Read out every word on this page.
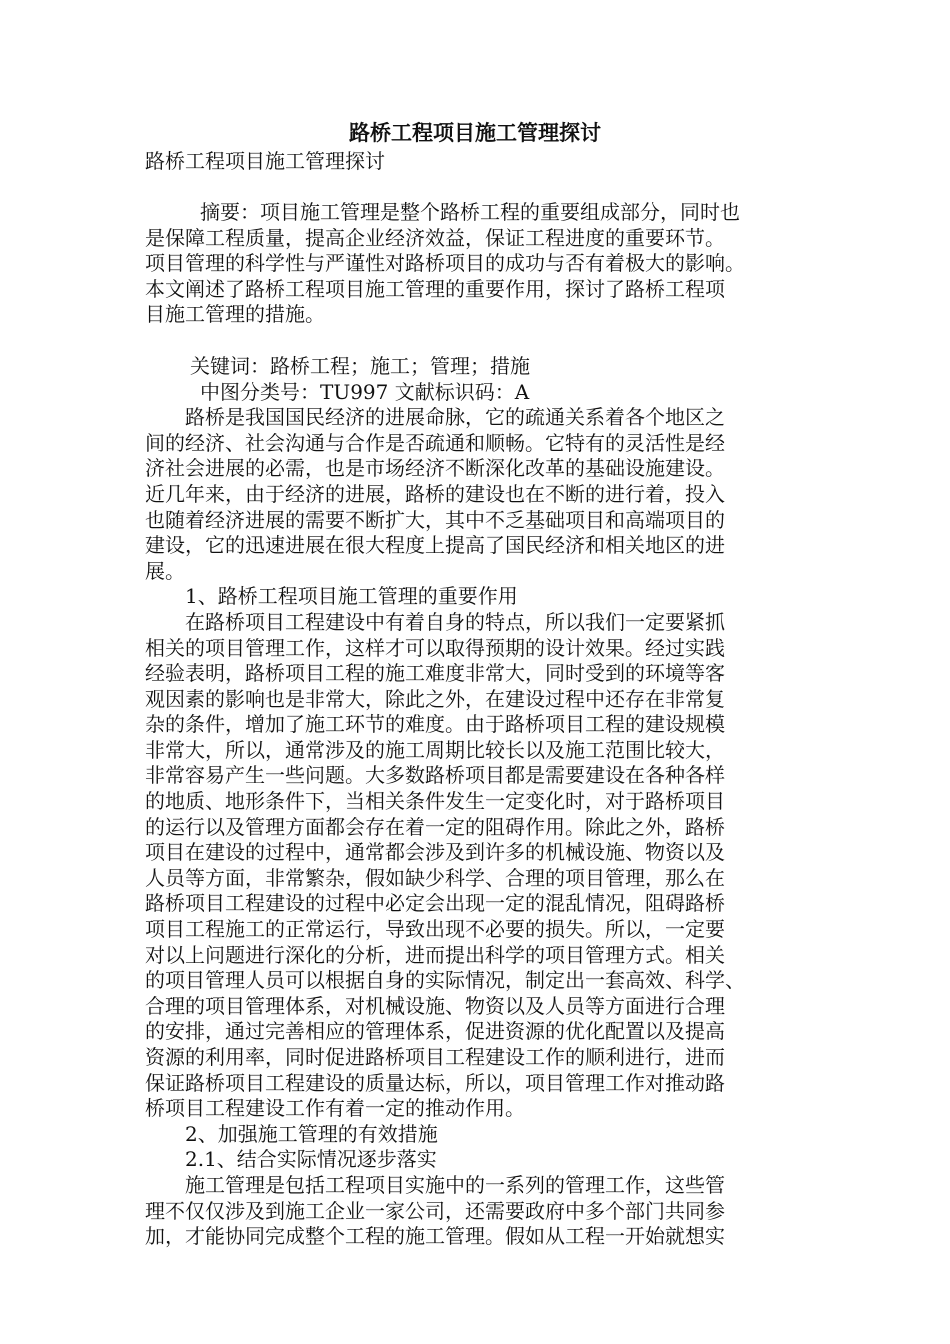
路桥工程项目施工管理探讨

路桥工程项目施工管理探讨

摘要：项目施工管理是整个路桥工程的重要组成部分，同时也

是保障工程质量，提高企业经济效益，保证工程进度的重要环节。

项目管理的科学性与严谨性对路桥项目的成功与否有着极大的影响。

本文阐述了路桥工程项目施工管理的重要作用，探讨了路桥工程项

目施工管理的措施。

关键词：路桥工程；施工；管理；措施

中图分类号：TU997 文献标识码：A

路桥是我国国民经济的进展命脉，它的疏通关系着各个地区之

间的经济、社会沟通与合作是否疏通和顺畅。它特有的灵活性是经

济社会进展的必需，也是市场经济不断深化改革的基础设施建设。

近几年来，由于经济的进展，路桥的建设也在不断的进行着，投入

也随着经济进展的需要不断扩大，其中不乏基础项目和高端项目的

建设，它的迅速进展在很大程度上提高了国民经济和相关地区的进

展。

1、路桥工程项目施工管理的重要作用

在路桥项目工程建设中有着自身的特点，所以我们一定要紧抓

相关的项目管理工作，这样才可以取得预期的设计效果。经过实践

经验表明，路桥项目工程的施工难度非常大，同时受到的环境等客

观因素的影响也是非常大，除此之外，在建设过程中还存在非常复

杂的条件，增加了施工环节的难度。由于路桥项目工程的建设规模

非常大，所以，通常涉及的施工周期比较长以及施工范围比较大，

非常容易产生一些问题。大多数路桥项目都是需要建设在各种各样

的地质、地形条件下，当相关条件发生一定变化时，对于路桥项目

的运行以及管理方面都会存在着一定的阻碍作用。除此之外，路桥

项目在建设的过程中，通常都会涉及到许多的机械设施、物资以及

人员等方面，非常繁杂，假如缺少科学、合理的项目管理，那么在

路桥项目工程建设的过程中必定会出现一定的混乱情况，阻碍路桥

项目工程施工的正常运行，导致出现不必要的损失。所以，一定要

对以上问题进行深化的分析，进而提出科学的项目管理方式。相关

的项目管理人员可以根据自身的实际情况，制定出一套高效、科学、

合理的项目管理体系，对机械设施、物资以及人员等方面进行合理

的安排，通过完善相应的管理体系，促进资源的优化配置以及提高

资源的利用率，同时促进路桥项目工程建设工作的顺利进行，进而

保证路桥项目工程建设的质量达标，所以，项目管理工作对推动路

桥项目工程建设工作有着一定的推动作用。

2、加强施工管理的有效措施

2.1、结合实际情况逐步落实

施工管理是包括工程项目实施中的一系列的管理工作，这些管

理不仅仅涉及到施工企业一家公司，还需要政府中多个部门共同参

加，才能协同完成整个工程的施工管理。假如从工程一开始就想实
